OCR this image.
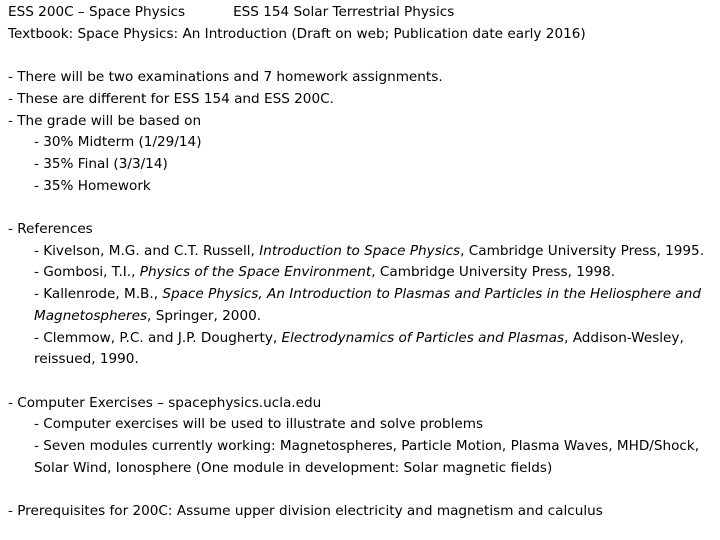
ESS 200C – Space Physics	ESS 154 Solar Terrestrial Physics
Textbook: Space Physics: An Introduction (Draft on web; Publication date early 2016)
- There will be two examinations and 7 homework assignments.
- These are different for ESS 154 and ESS 200C.
- The grade will be based on
- 30% Midterm (1/29/14)
- 35% Final (3/3/14)
- 35% Homework
- References
- Kivelson, M.G. and C.T. Russell, Introduction to Space Physics, Cambridge University Press, 1995.
- Gombosi, T.I., Physics of the Space Environment, Cambridge University Press, 1998.
- Kallenrode, M.B., Space Physics, An Introduction to Plasmas and Particles in the Heliosphere and Magnetospheres, Springer, 2000.
- Clemmow, P.C. and J.P. Dougherty, Electrodynamics of Particles and Plasmas, Addison-Wesley, reissued, 1990.
- Computer Exercises – spacephysics.ucla.edu
- Computer exercises will be used to illustrate and solve problems
- Seven modules currently working: Magnetospheres, Particle Motion, Plasma Waves, MHD/Shock, Solar Wind, Ionosphere (One module in development: Solar magnetic fields)
- Prerequisites for 200C: Assume upper division electricity and magnetism and calculus
